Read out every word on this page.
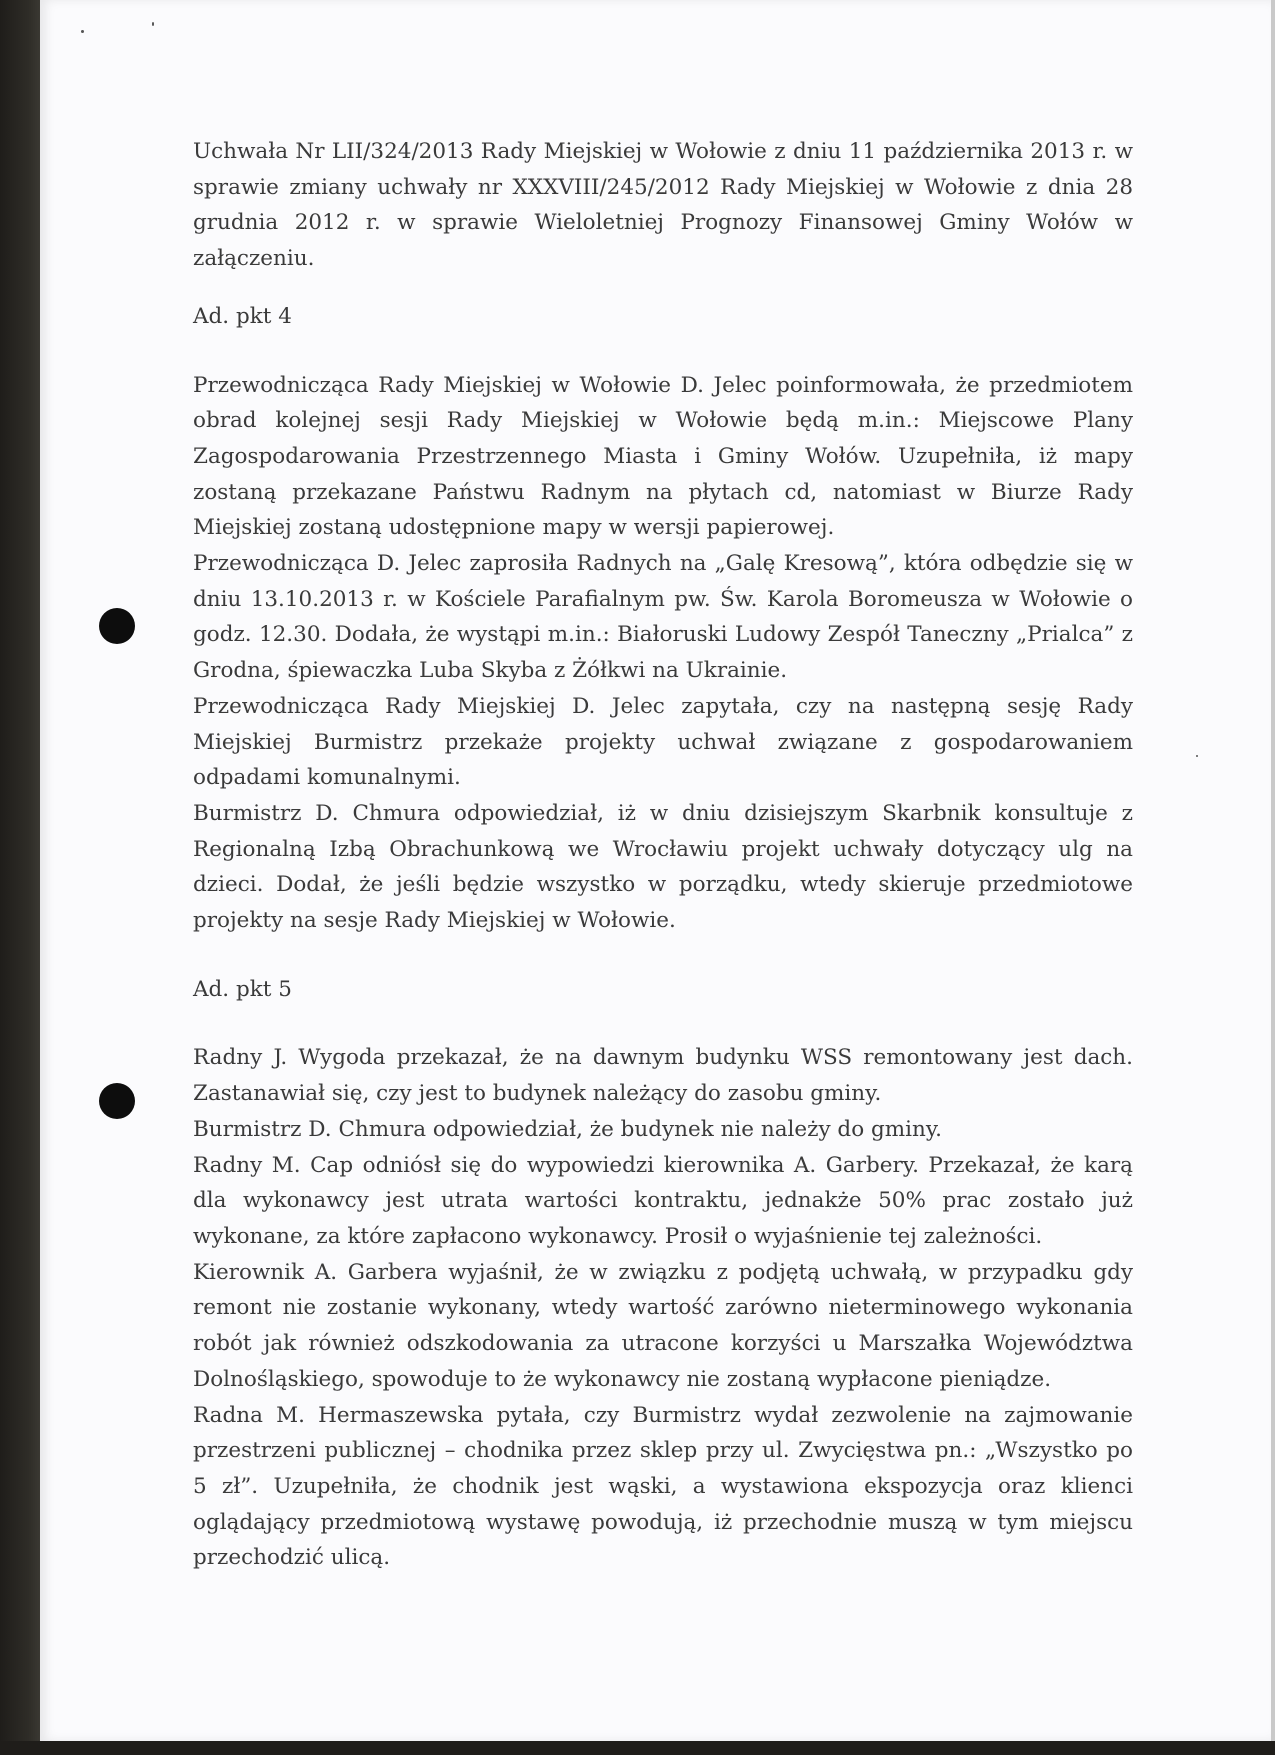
Uchwała Nr LII/324/2013 Rady Miejskiej w Wołowie z dniu 11 października 2013 r. w sprawie zmiany uchwały nr XXXVIII/245/2012 Rady Miejskiej w Wołowie z dnia 28 grudnia 2012 r. w sprawie Wieloletniej Prognozy Finansowej Gminy Wołów w załączeniu.

Ad. pkt 4

Przewodnicząca Rady Miejskiej w Wołowie D. Jelec poinformowała, że przedmiotem obrad kolejnej sesji Rady Miejskiej w Wołowie będą m.in.: Miejscowe Plany Zagospodarowania Przestrzennego Miasta i Gminy Wołów. Uzupełniła, iż mapy zostaną przekazane Państwu Radnym na płytach cd, natomiast w Biurze Rady Miejskiej zostaną udostępnione mapy w wersji papierowej.

Przewodnicząca D. Jelec zaprosiła Radnych na „Galę Kresową”, która odbędzie się w dniu 13.10.2013 r. w Kościele Parafialnym pw. Św. Karola Boromeusza w Wołowie o godz. 12.30. Dodała, że wystąpi m.in.: Białoruski Ludowy Zespół Taneczny „Prialca” z Grodna, śpiewaczka Luba Skyba z Żółkwi na Ukrainie.

Przewodnicząca Rady Miejskiej D. Jelec zapytała, czy na następną sesję Rady Miejskiej Burmistrz przekaże projekty uchwał związane z gospodarowaniem odpadami komunalnymi.

Burmistrz D. Chmura odpowiedział, iż w dniu dzisiejszym Skarbnik konsultuje z Regionalną Izbą Obrachunkową we Wrocławiu projekt uchwały dotyczący ulg na dzieci. Dodał, że jeśli będzie wszystko w porządku, wtedy skieruje przedmiotowe projekty na sesje Rady Miejskiej w Wołowie.

Ad. pkt 5

Radny J. Wygoda przekazał, że na dawnym budynku WSS remontowany jest dach. Zastanawiał się, czy jest to budynek należący do zasobu gminy.

Burmistrz D. Chmura odpowiedział, że budynek nie należy do gminy.

Radny M. Cap odniósł się do wypowiedzi kierownika A. Garbery. Przekazał, że karą dla wykonawcy jest utrata wartości kontraktu, jednakże 50% prac zostało już wykonane, za które zapłacono wykonawcy. Prosił o wyjaśnienie tej zależności.

Kierownik A. Garbera wyjaśnił, że w związku z podjętą uchwałą, w przypadku gdy remont nie zostanie wykonany, wtedy wartość zarówno nieterminowego wykonania robót jak również odszkodowania za utracone korzyści u Marszałka Województwa Dolnośląskiego, spowoduje to że wykonawcy nie zostaną wypłacone pieniądze.

Radna M. Hermaszewska pytała, czy Burmistrz wydał zezwolenie na zajmowanie przestrzeni publicznej – chodnika przez sklep przy ul. Zwycięstwa pn.: „Wszystko po 5 zł”. Uzupełniła, że chodnik jest wąski, a wystawiona ekspozycja oraz klienci oglądający przedmiotową wystawę powodują, iż przechodnie muszą w tym miejscu przechodzić ulicą.
